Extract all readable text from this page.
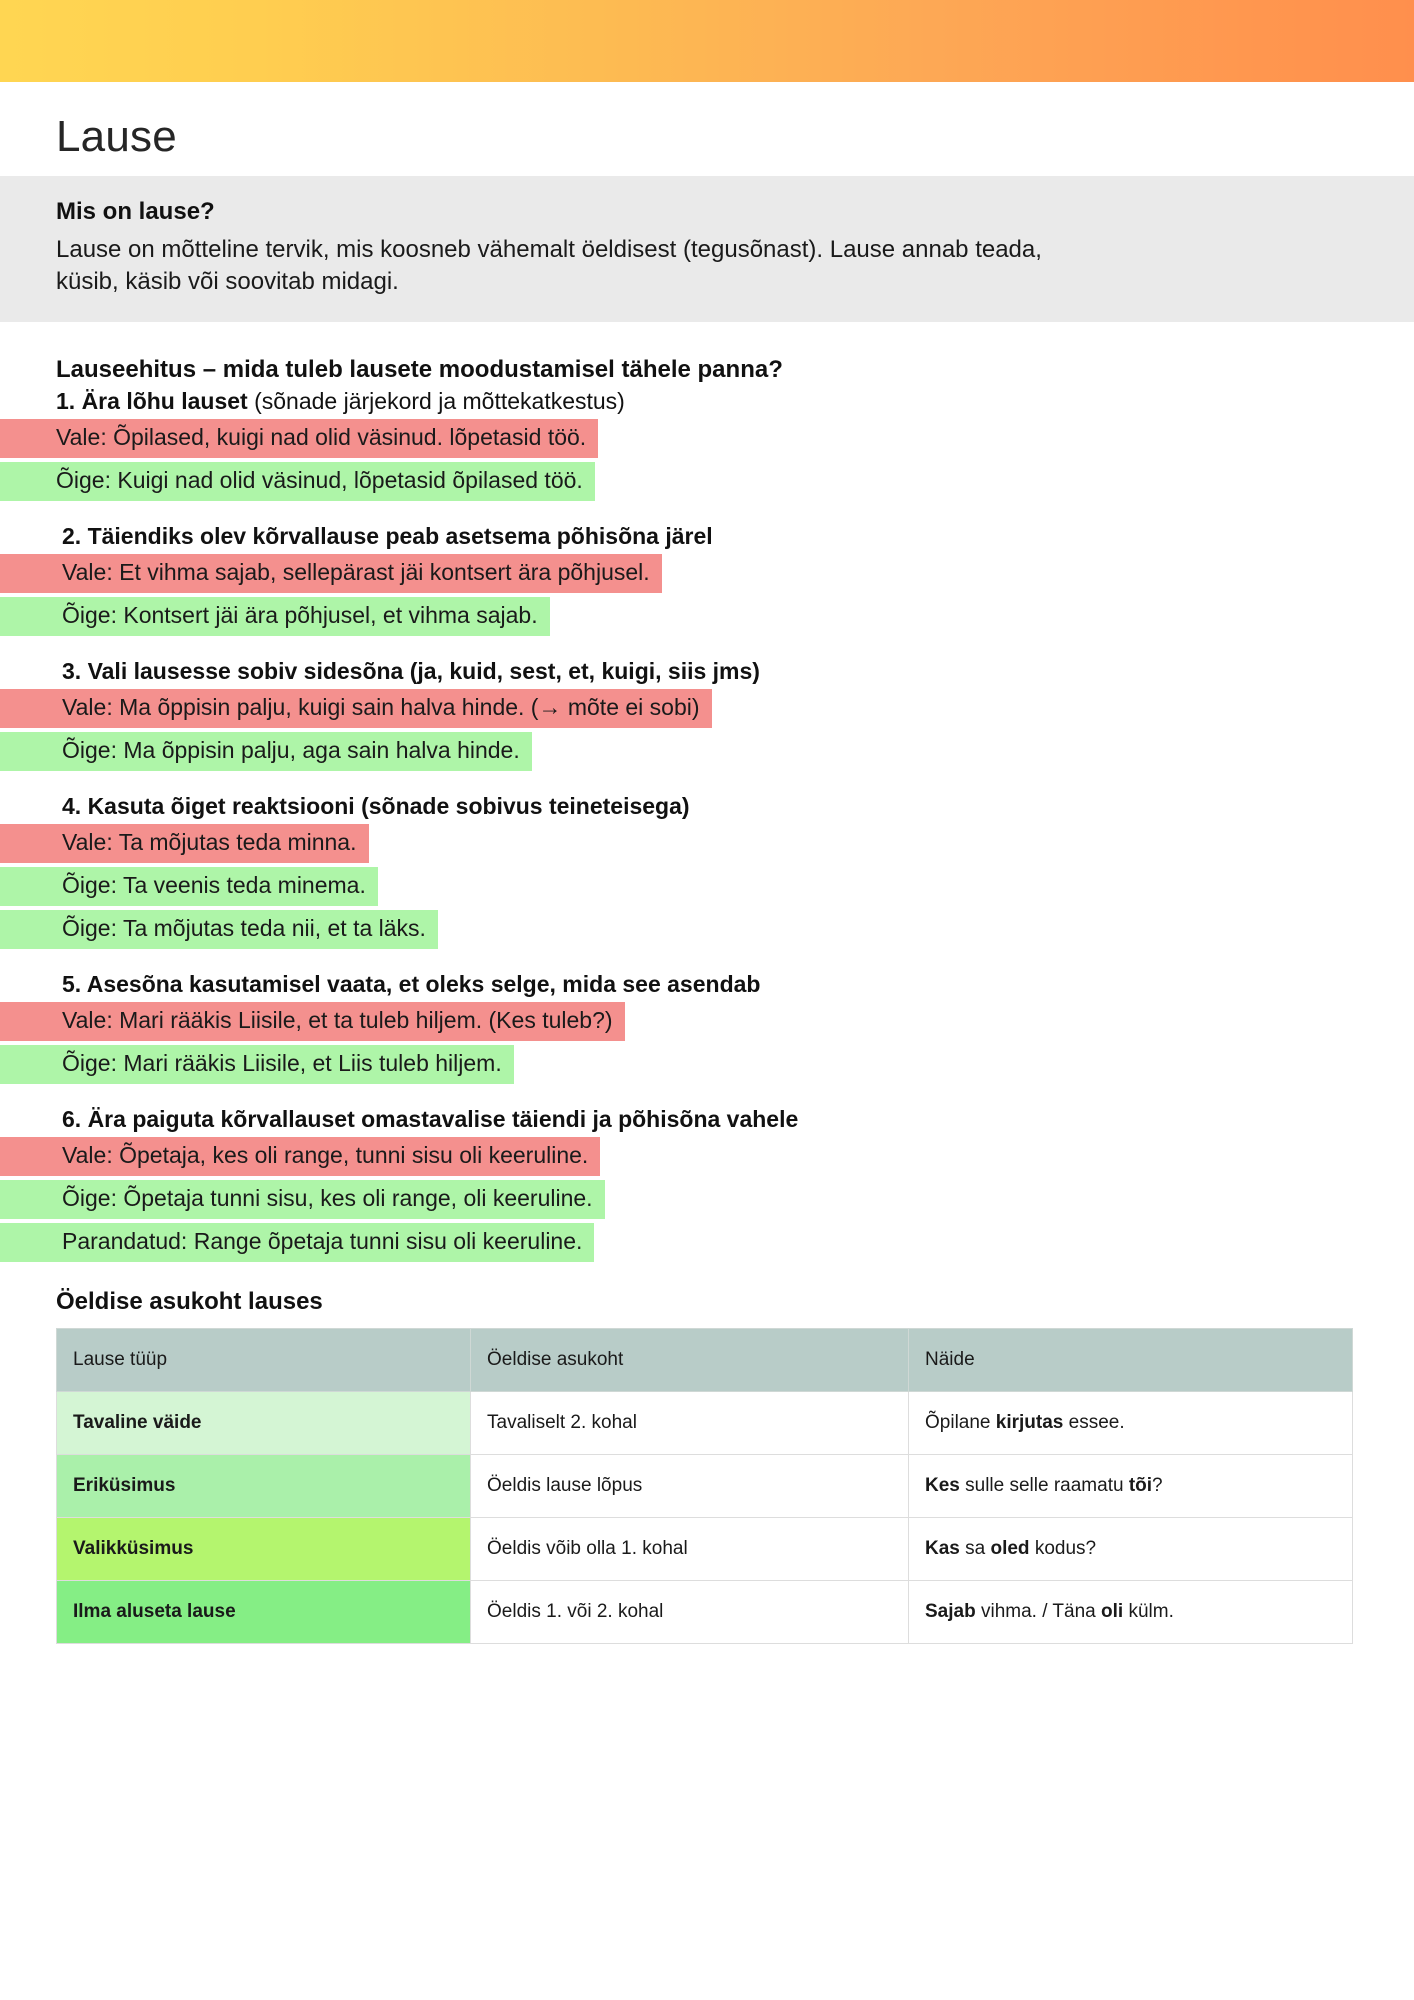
Lause
Mis on lause?

Lause on mõtteline tervik, mis koosneb vähemalt öeldisest (tegusõnast). Lause annab teada, küsib, käsib või soovitab midagi.

Lauseehitus – mida tuleb lausete moodustamisel tähele panna?
1. Ära lõhu lauset (sõnade järjekord ja mõttekatkestus)
Vale: Õpilased, kuigi nad olid väsinud. lõpetasid töö.
Õige: Kuigi nad olid väsinud, lõpetasid õpilased töö.
2. Täiendiks olev kõrvallause peab asetsema põhisõna järel
Vale: Et vihma sajab, sellepärast jäi kontsert ära põhjusel.
Õige: Kontsert jäi ära põhjusel, et vihma sajab.
3. Vali lausesse sobiv sidesõna (ja, kuid, sest, et, kuigi, siis jms)
Vale: Ma õppisin palju, kuigi sain halva hinde. (→ mõte ei sobi)
Õige: Ma õppisin palju, aga sain halva hinde.
4. Kasuta õiget reaktsiooni (sõnade sobivus teineteisega)
Vale: Ta mõjutas teda minna.
Õige: Ta veenis teda minema.
Õige: Ta mõjutas teda nii, et ta läks.
5. Asesõna kasutamisel vaata, et oleks selge, mida see asendab
Vale: Mari rääkis Liisile, et ta tuleb hiljem. (Kes tuleb?)
Õige: Mari rääkis Liisile, et Liis tuleb hiljem.
6. Ära paiguta kõrvallauset omastavalise täiendi ja põhisõna vahele
Vale: Õpetaja, kes oli range, tunni sisu oli keeruline.
Õige: Õpetaja tunni sisu, kes oli range, oli keeruline.
Parandatud: Range õpetaja tunni sisu oli keeruline.
Öeldise asukoht lauses
Lause tüüp	Öeldise asukoht	Näide
Tavaline väide	Tavaliselt 2. kohal	Õpilane kirjutas essee.
Eriküsimus	Öeldis lause lõpus	Kes sulle selle raamatu tõi?
Valikküsimus	Öeldis võib olla 1. kohal	Kas sa oled kodus?
Ilma aluseta lause	Öeldis 1. või 2. kohal	Sajab vihma. / Täna oli külm.
